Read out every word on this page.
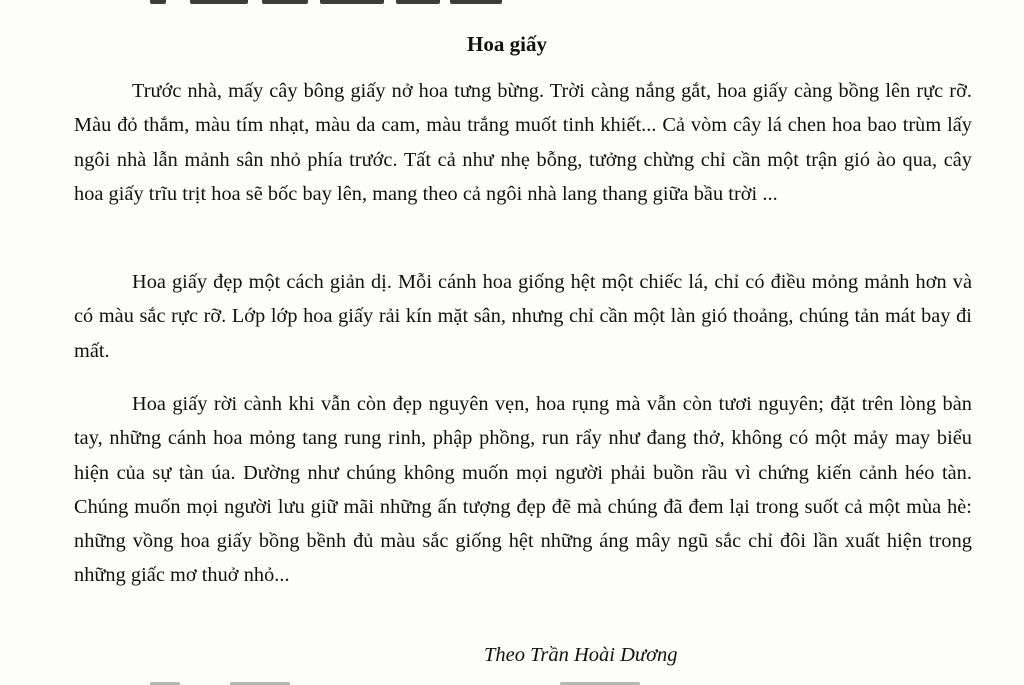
Hoa giấy

Trước nhà, mấy cây bông giấy nở hoa tưng bừng. Trời càng nắng gắt, hoa giấy càng bồng lên rực rỡ. Màu đỏ thắm, màu tím nhạt, màu da cam, màu trắng muốt tinh khiết... Cả vòm cây lá chen hoa bao trùm lấy ngôi nhà lẫn mảnh sân nhỏ phía trước. Tất cả như nhẹ bỗng, tưởng chừng chỉ cần một trận gió ào qua, cây hoa giấy trĩu trịt hoa sẽ bốc bay lên, mang theo cả ngôi nhà lang thang giữa bầu trời ...

Hoa giấy đẹp một cách giản dị. Mỗi cánh hoa giống hệt một chiếc lá, chỉ có điều mỏng mảnh hơn và có màu sắc rực rỡ. Lớp lớp hoa giấy rải kín mặt sân, nhưng chỉ cần một làn gió thoảng, chúng tản mát bay đi mất.

Hoa giấy rời cành khi vẫn còn đẹp nguyên vẹn, hoa rụng mà vẫn còn tươi nguyên; đặt trên lòng bàn tay, những cánh hoa mỏng tang rung rinh, phập phồng, run rẩy như đang thở, không có một mảy may biểu hiện của sự tàn úa. Dường như chúng không muốn mọi người phải buồn rầu vì chứng kiến cảnh héo tàn. Chúng muốn mọi người lưu giữ mãi những ấn tượng đẹp đẽ mà chúng đã đem lại trong suốt cả một mùa hè: những vồng hoa giấy bồng bềnh đủ màu sắc giống hệt những áng mây ngũ sắc chỉ đôi lần xuất hiện trong những giấc mơ thuở nhỏ...

Theo Trần Hoài Dương
